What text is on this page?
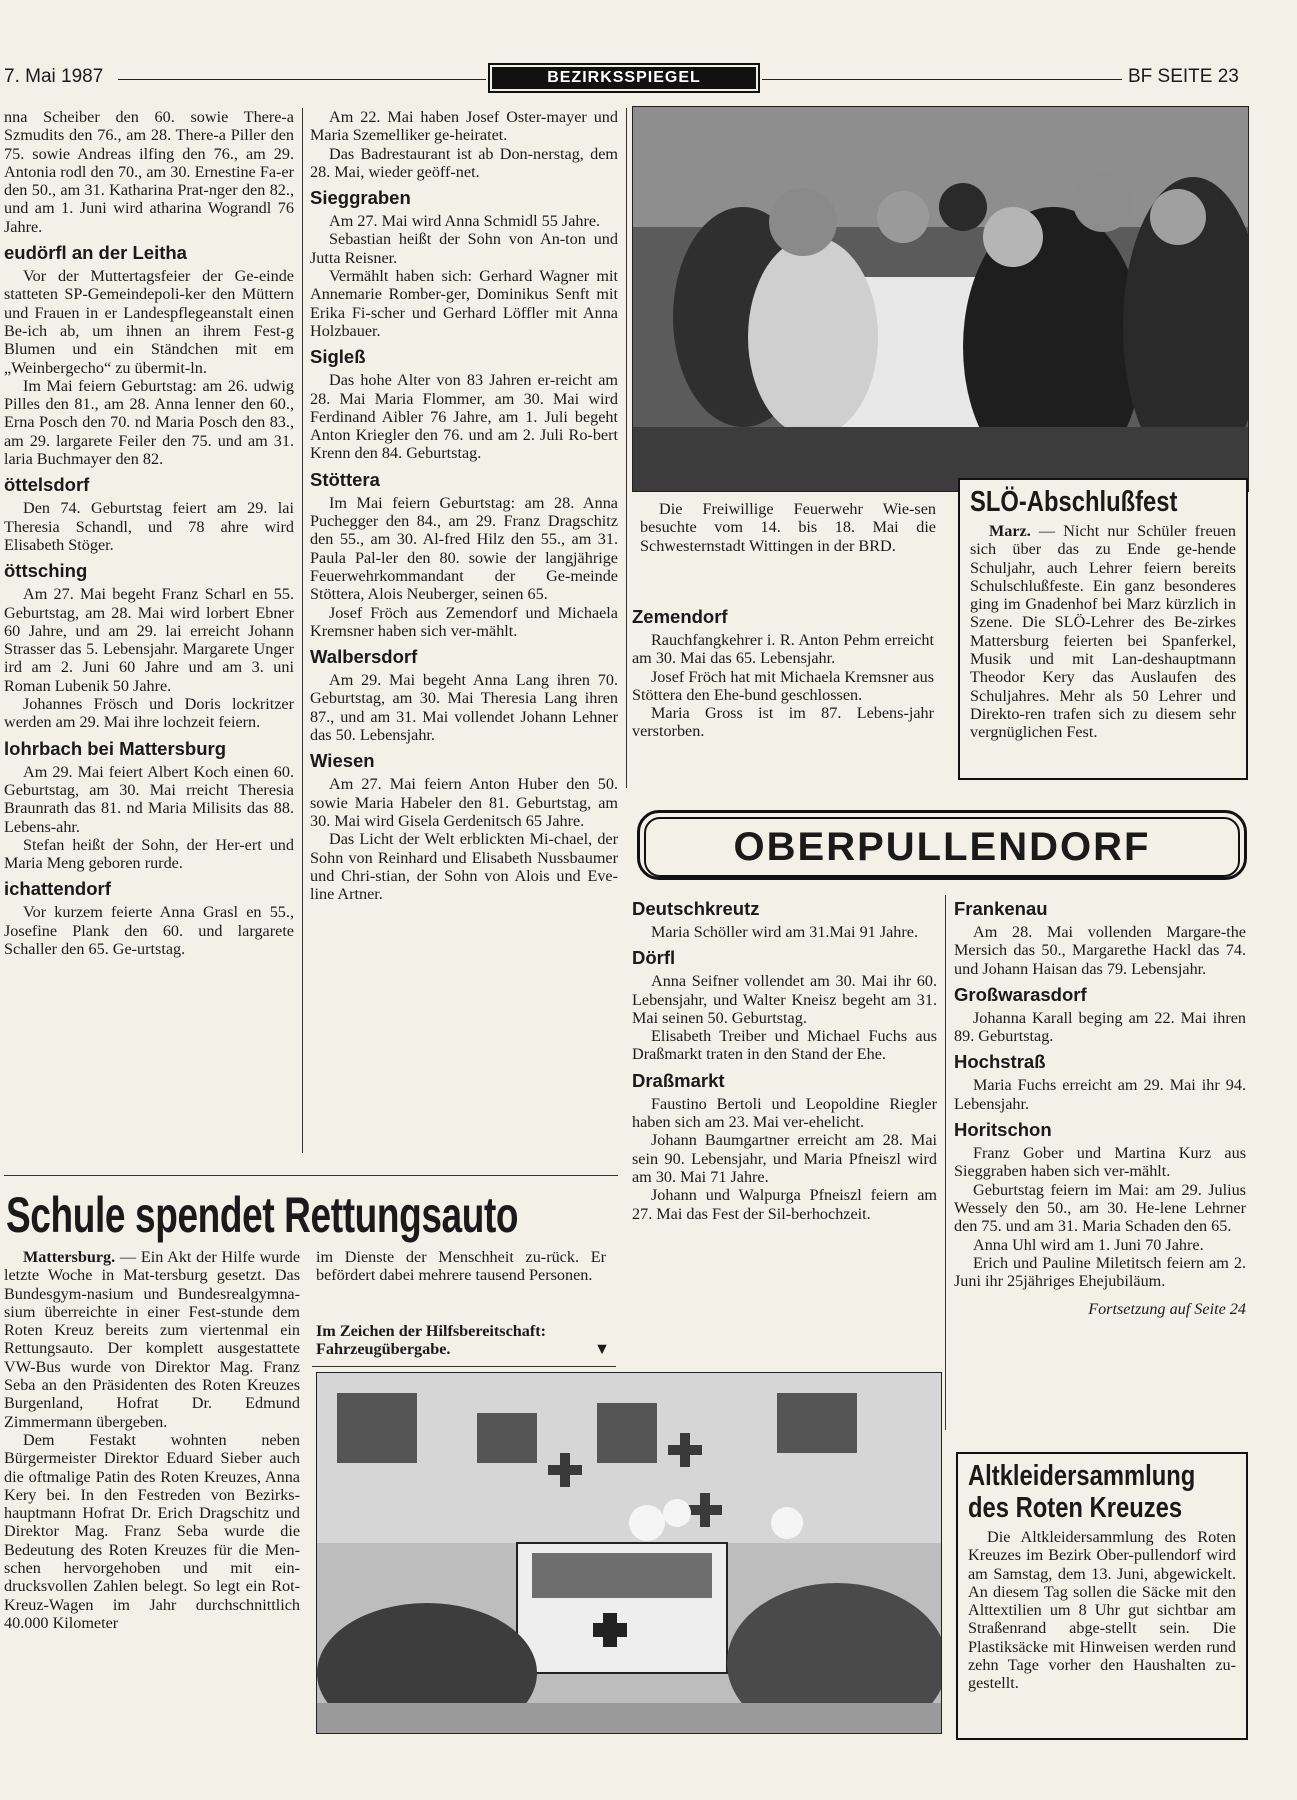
7. Mai 1987	BEZIRKSSPIEGEL	BF SEITE 23

nna Scheiber den 60. sowie There-a Szmudits den 76., am 28. There-a Piller den 75. sowie Andreas ilfing den 76., am 29. Antonia rodl den 70., am 30. Ernestine Fa-er den 50., am 31. Katharina Prat-nger den 82., und am 1. Juni wird atharina Wograndl 76 Jahre.

eudörfl an der Leitha

Vor der Muttertagsfeier der Ge-einde statteten SP-Gemeindepoli-ker den Müttern und Frauen in er Landespflegeanstalt einen Be-ich ab, um ihnen an ihrem Fest-g Blumen und ein Ständchen mit em „Weinbergecho“ zu übermit-ln.

Im Mai feiern Geburtstag: am 26. udwig Pilles den 81., am 28. Anna lenner den 60., Erna Posch den 70. nd Maria Posch den 83., am 29. largarete Feiler den 75. und am 31. laria Buchmayer den 82.

öttelsdorf

Den 74. Geburtstag feiert am 29. lai Theresia Schandl, und 78 ahre wird Elisabeth Stöger.

öttsching

Am 27. Mai begeht Franz Scharl en 55. Geburtstag, am 28. Mai wird lorbert Ebner 60 Jahre, und am 29. lai erreicht Johann Strasser das 5. Lebensjahr. Margarete Unger ird am 2. Juni 60 Jahre und am 3. uni Roman Lubenik 50 Jahre.

Johannes Frösch und Doris lockritzer werden am 29. Mai ihre lochzeit feiern.

lohrbach bei Mattersburg

Am 29. Mai feiert Albert Koch einen 60. Geburtstag, am 30. Mai rreicht Theresia Braunrath das 81. nd Maria Milisits das 88. Lebens-ahr.

Stefan heißt der Sohn, der Her-ert und Maria Meng geboren rurde.

ichattendorf

Vor kurzem feierte Anna Grasl en 55., Josefine Plank den 60. und largarete Schaller den 65. Ge-urtstag.

Am 22. Mai haben Josef Oster-mayer und Maria Szemelliker ge-heiratet.

Das Badrestaurant ist ab Don-nerstag, dem 28. Mai, wieder geöff-net.

Sieggraben

Am 27. Mai wird Anna Schmidl 55 Jahre.

Sebastian heißt der Sohn von An-ton und Jutta Reisner.

Vermählt haben sich: Gerhard Wagner mit Annemarie Romber-ger, Dominikus Senft mit Erika Fi-scher und Gerhard Löffler mit Anna Holzbauer.

Sigleß

Das hohe Alter von 83 Jahren er-reicht am 28. Mai Maria Flommer, am 30. Mai wird Ferdinand Aibler 76 Jahre, am 1. Juli begeht Anton Kriegler den 76. und am 2. Juli Ro-bert Krenn den 84. Geburtstag.

Stöttera

Im Mai feiern Geburtstag: am 28. Anna Puchegger den 84., am 29. Franz Dragschitz den 55., am 30. Al-fred Hilz den 55., am 31. Paula Pal-ler den 80. sowie der langjährige Feuerwehrkommandant der Ge-meinde Stöttera, Alois Neuberger, seinen 65.

Josef Fröch aus Zemendorf und Michaela Kremsner haben sich ver-mählt.

Walbersdorf

Am 29. Mai begeht Anna Lang ihren 70. Geburtstag, am 30. Mai Theresia Lang ihren 87., und am 31. Mai vollendet Johann Lehner das 50. Lebensjahr.

Wiesen

Am 27. Mai feiern Anton Huber den 50. sowie Maria Habeler den 81. Geburtstag, am 30. Mai wird Gisela Gerdenitsch 65 Jahre.

Das Licht der Welt erblickten Mi-chael, der Sohn von Reinhard und Elisabeth Nussbaumer und Chri-stian, der Sohn von Alois und Eve-line Artner.

Die Freiwillige Feuerwehr Wie-sen besuchte vom 14. bis 18. Mai die Schwesternstadt Wittingen in der BRD.

Zemendorf

Rauchfangkehrer i. R. Anton Pehm erreicht am 30. Mai das 65. Lebensjahr.

Josef Fröch hat mit Michaela Kremsner aus Stöttera den Ehe-bund geschlossen.

Maria Gross ist im 87. Lebens-jahr verstorben.

SLÖ-Abschlußfest

Marz. — Nicht nur Schüler freuen sich über das zu Ende ge-hende Schuljahr, auch Lehrer feiern bereits Schulschlußfeste. Ein ganz besonderes ging im Gnadenhof bei Marz kürzlich in Szene. Die SLÖ-Lehrer des Be-zirkes Mattersburg feierten bei Spanferkel, Musik und mit Lan-deshauptmann Theodor Kery das Auslaufen des Schuljahres. Mehr als 50 Lehrer und Direkto-ren trafen sich zu diesem sehr vergnüglichen Fest.

OBERPULLENDORF
Deutschkreutz

Maria Schöller wird am 31.Mai 91 Jahre.

Dörfl

Anna Seifner vollendet am 30. Mai ihr 60. Lebensjahr, und Walter Kneisz begeht am 31. Mai seinen 50. Geburtstag.

Elisabeth Treiber und Michael Fuchs aus Draßmarkt traten in den Stand der Ehe.

Draßmarkt

Faustino Bertoli und Leopoldine Riegler haben sich am 23. Mai ver-ehelicht.

Johann Baumgartner erreicht am 28. Mai sein 90. Lebensjahr, und Maria Pfneiszl wird am 30. Mai 71 Jahre.

Johann und Walpurga Pfneiszl feiern am 27. Mai das Fest der Sil-berhochzeit.

Frankenau

Am 28. Mai vollenden Margare-the Mersich das 50., Margarethe Hackl das 74. und Johann Haisan das 79. Lebensjahr.

Großwarasdorf

Johanna Karall beging am 22. Mai ihren 89. Geburtstag.

Hochstraß

Maria Fuchs erreicht am 29. Mai ihr 94. Lebensjahr.

Horitschon

Franz Gober und Martina Kurz aus Sieggraben haben sich ver-mählt.

Geburtstag feiern im Mai: am 29. Julius Wessely den 50., am 30. He-lene Lehrner den 75. und am 31. Maria Schaden den 65.

Anna Uhl wird am 1. Juni 70 Jahre.

Erich und Pauline Miletitsch feiern am 2. Juni ihr 25jähriges Ehejubiläum.

Fortsetzung auf Seite 24

Schule spendet Rettungsauto

Mattersburg. — Ein Akt der Hilfe wurde letzte Woche in Mat-tersburg gesetzt. Das Bundesgym-nasium und Bundesrealgymna-sium überreichte in einer Fest-stunde dem Roten Kreuz bereits zum viertenmal ein Rettungsauto. Der komplett ausgestattete VW-Bus wurde von Direktor Mag. Franz Seba an den Präsidenten des Roten Kreuzes Burgenland, Hofrat Dr. Edmund Zimmermann übergeben.

Dem Festakt wohnten neben Bürgermeister Direktor Eduard Sieber auch die oftmalige Patin des Roten Kreuzes, Anna Kery bei. In den Festreden von Bezirks-hauptmann Hofrat Dr. Erich Dragschitz und Direktor Mag. Franz Seba wurde die Bedeutung des Roten Kreuzes für die Men-schen hervorgehoben und mit ein-drucksvollen Zahlen belegt. So legt ein Rot-Kreuz-Wagen im Jahr durchschnittlich 40.000 Kilometer

im Dienste der Menschheit zu-rück. Er befördert dabei mehrere tausend Personen.

Im Zeichen der Hilfsbereitschaft: Fahrzeugübergabe.	▼
Altkleidersammlung
des Roten Kreuzes

Die Altkleidersammlung des Roten Kreuzes im Bezirk Ober-pullendorf wird am Samstag, dem 13. Juni, abgewickelt. An diesem Tag sollen die Säcke mit den Alttextilien um 8 Uhr gut sichtbar am Straßenrand abge-stellt sein. Die Plastiksäcke mit Hinweisen werden rund zehn Tage vorher den Haushalten zu-gestellt.
